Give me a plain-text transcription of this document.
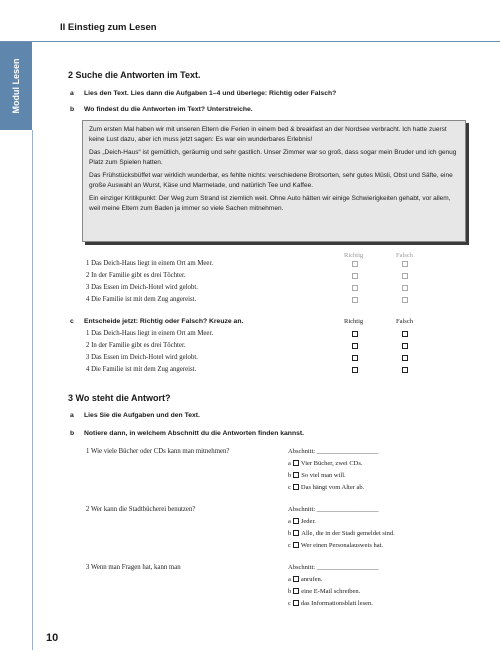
II Einstieg zum Lesen
Modul Lesen	2 Suche die Antworten im Text.
a Lies den Text. Lies dann die Aufgaben 1–4 und überlege: Richtig oder Falsch?
b Wo findest du die Antworten im Text? Unterstreiche.

Zum ersten Mal haben wir mit unseren Eltern die Ferien in einem bed & breakfast an der Nordsee verbracht. Ich hatte zuerst keine Lust dazu, aber ich muss jetzt sagen: Es war ein wunderbares Erlebnis!

Das „Deich-Haus“ ist gemütlich, geräumig und sehr gastlich. Unser Zimmer war so groß, dass sogar mein Bruder und ich genug Platz zum Spielen hatten.

Das Frühstücksbüffet war wirklich wunderbar, es fehlte nichts: verschiedene Brotsorten, sehr gutes Müsli, Obst und Säfte, eine große Auswahl an Wurst, Käse und Marmelade, und natürlich Tee und Kaffee.

Ein einziger Kritikpunkt: Der Weg zum Strand ist ziemlich weit. Ohne Auto hätten wir einige Schwierigkeiten gehabt, vor allem, weil meine Eltern zum Baden ja immer so viele Sachen mitnehmen.

Richtig	Falsch
1 Das Deich-Haus liegt in einem Ort am Meer.
2 In der Familie gibt es drei Töchter.
3 Das Essen im Deich-Hotel wird gelobt.
4 Die Familie ist mit dem Zug angereist.
c Entscheide jetzt: Richtig oder Falsch? Kreuze an.	Richtig	Falsch
1 Das Deich-Haus liegt in einem Ort am Meer.
2 In der Familie gibt es drei Töchter.
3 Das Essen im Deich-Hotel wird gelobt.
4 Die Familie ist mit dem Zug angereist.
3 Wo steht die Antwort?
a Lies Sie die Aufgaben und den Text.
b Notiere dann, in welchem Abschnitt du die Antworten finden kannst.
1 Wie viele Bücher oder CDs kann man mitnehmen?	Abschnitt: ___________________
a Vier Bücher, zwei CDs.
b So viel man will.
c Das hängt vom Alter ab.
2 Wer kann die Stadtbücherei benutzen?	Abschnitt: ___________________
a Jeder.
b Alle, die in der Stadt gemeldet sind.
c Wer einen Personalausweis hat.
3 Wenn man Fragen hat, kann man	Abschnitt: ___________________
a anrufen.
b eine E-Mail schreiben.
c das Informationsblatt lesen.
10
